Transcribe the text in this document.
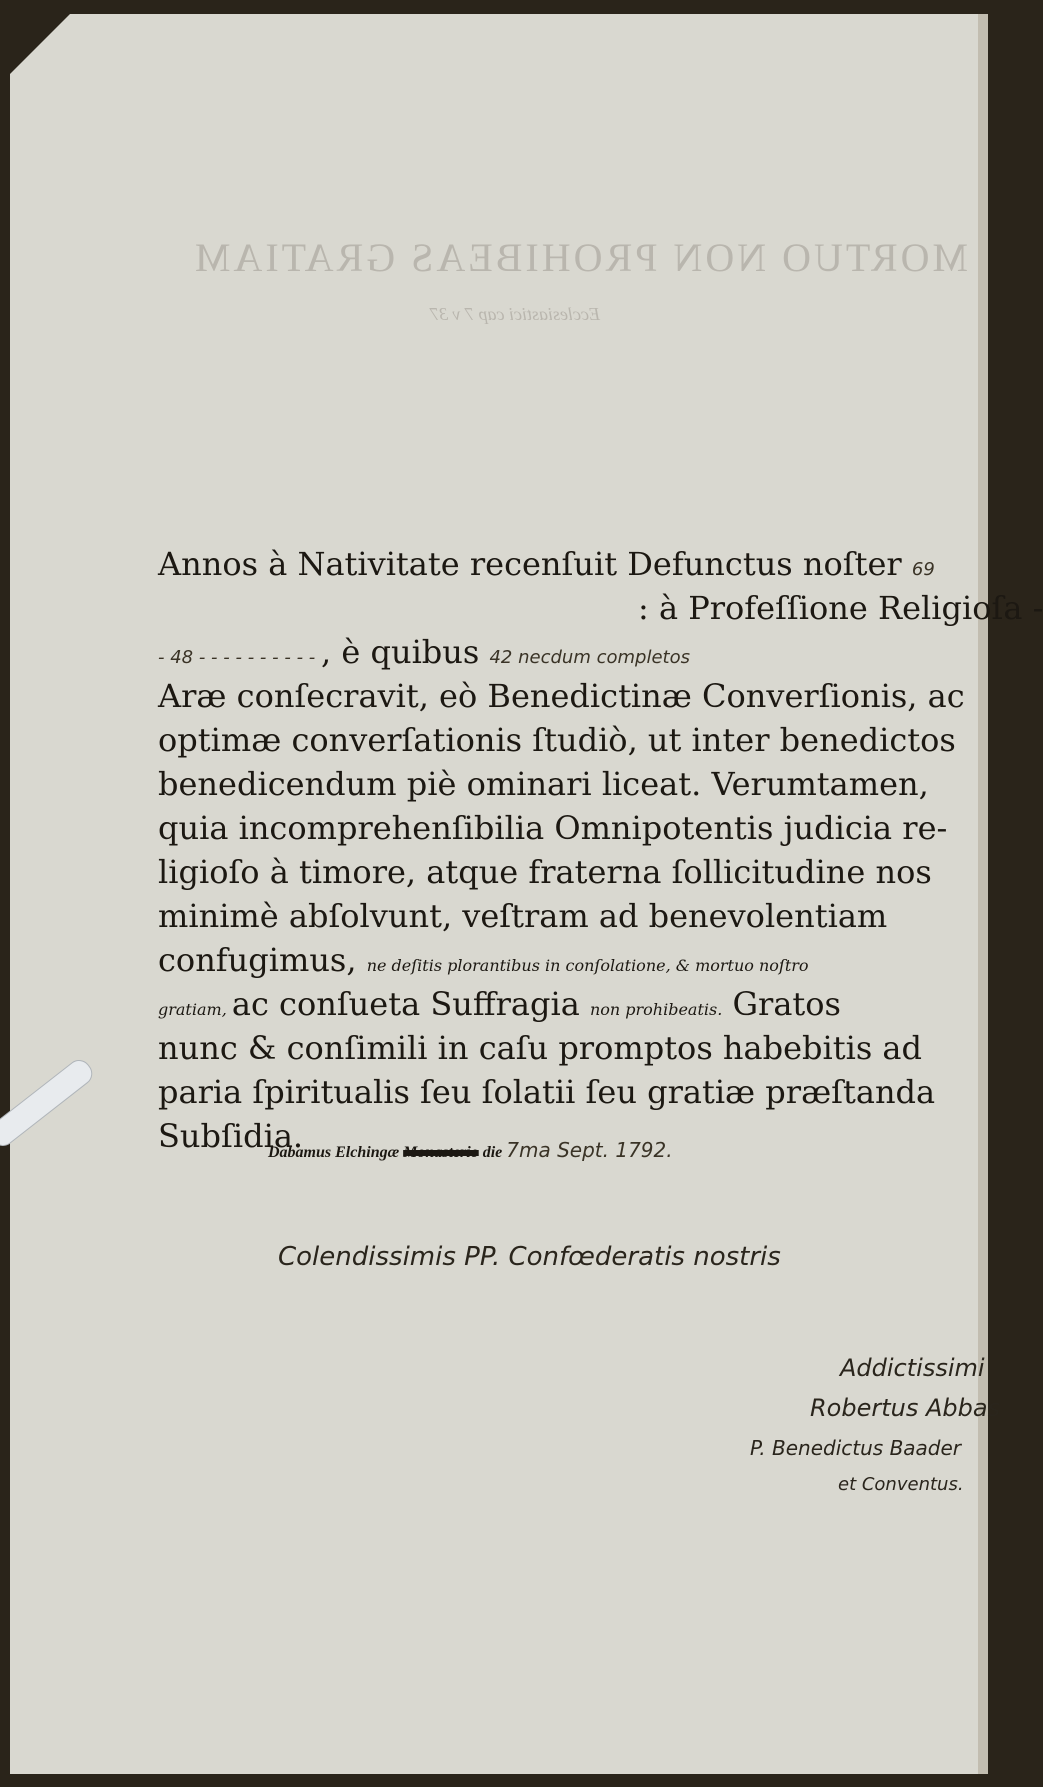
MORTUO NON PROHIBEAS GRATIAM
Ecclesiastici cap 7 v 37
Annos à Nativitate recenſuit Defunctus noſter 69
: à Profeſſione Religioſa -
- 48 - - - - - - - - - - , è quibus 42 necdum completos
Aræ conſecravit, eò Benedictinæ Converſionis, ac
optimæ converſationis ſtudiò, ut inter benedictos
benedicendum piè ominari liceat. Verumtamen,
quia incomprehenſibilia Omnipotentis judicia re-
ligioſo à timore, atque fraterna ſollicitudine nos
minimè abſolvunt, veſtram ad benevolentiam
confugimus, ne deſitis plorantibus in conſolatione, & mortuo noſtro
gratiam, ac conſueta Suffragia non prohibeatis. Gratos
nunc & conſimili in caſu promptos habebitis ad
paria ſpiritualis ſeu ſolatii ſeu gratiæ præſtanda
Subſidia.
Dabamus Elchingæ Monasterio die 7ma Sept. 1792.
Colendissimis PP. Confœderatis nostris
Addictissimi
Robertus Abbas
P. Benedictus Baader
et Conventus.
